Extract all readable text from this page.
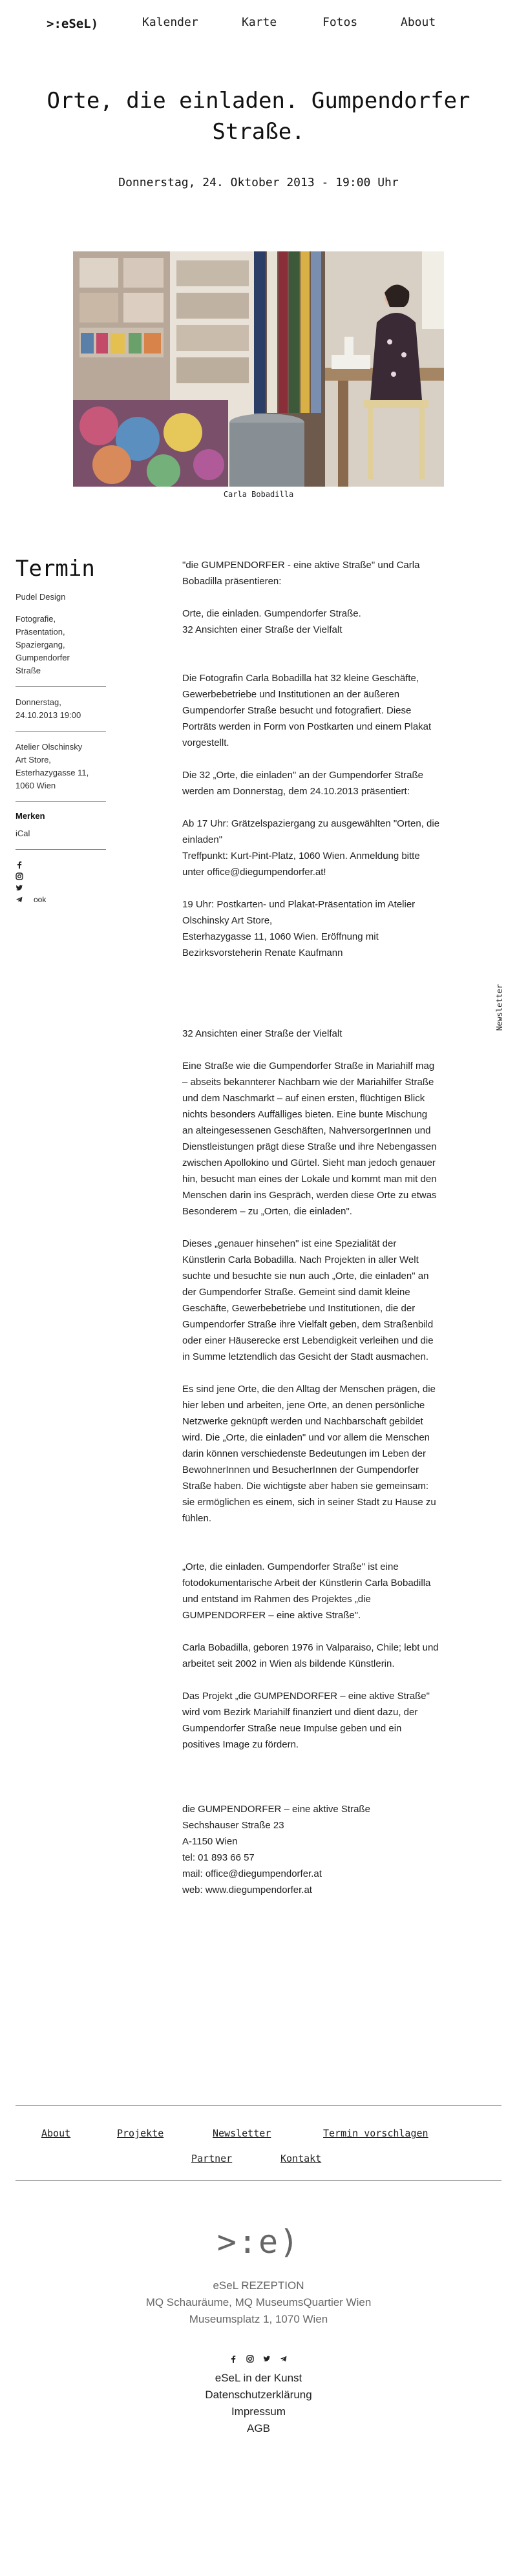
>:eSeL)	Kalender	Karte	Fotos	About
Orte, die einladen. Gumpendorfer Straße.
Donnerstag, 24. Oktober 2013 - 19:00 Uhr
Carla Bobadilla
Termin
Pudel Design
Fotografie,
Präsentation,
Spaziergang,
Gumpendorfer
Straße
Donnerstag,
24.10.2013 19:00
Atelier Olschinsky
Art Store,
Esterhazygasse 11,
1060 Wien
Merken
iCal
ook

"die GUMPENDORFER - eine aktive Straße" und Carla
Bobadilla präsentieren:

Orte, die einladen. Gumpendorfer Straße.
32 Ansichten einer Straße der Vielfalt

Die Fotografin Carla Bobadilla hat 32 kleine Geschäfte,
Gewerbebetriebe und Institutionen an der äußeren
Gumpendorfer Straße besucht und fotografiert. Diese
Porträts werden in Form von Postkarten und einem Plakat
vorgestellt.

Die 32 „Orte, die einladen" an der Gumpendorfer Straße
werden am Donnerstag, dem 24.10.2013 präsentiert:

Ab 17 Uhr: Grätzelspaziergang zu ausgewählten "Orten, die
einladen"
Treffpunkt: Kurt-Pint-Platz, 1060 Wien. Anmeldung bitte
unter office@diegumpendorfer.at!

19 Uhr: Postkarten- und Plakat-Präsentation im Atelier
Olschinsky Art Store,
Esterhazygasse 11, 1060 Wien. Eröffnung mit
Bezirksvorsteherin Renate Kaufmann

32 Ansichten einer Straße der Vielfalt

Eine Straße wie die Gumpendorfer Straße in Mariahilf mag
– abseits bekannterer Nachbarn wie der Mariahilfer Straße
und dem Naschmarkt – auf einen ersten, flüchtigen Blick
nichts besonders Auffälliges bieten. Eine bunte Mischung
an alteingesessenen Geschäften, NahversorgerInnen und
Dienstleistungen prägt diese Straße und ihre Nebengassen
zwischen Apollokino und Gürtel. Sieht man jedoch genauer
hin, besucht man eines der Lokale und kommt man mit den
Menschen darin ins Gespräch, werden diese Orte zu etwas
Besonderem – zu „Orten, die einladen".

Dieses „genauer hinsehen" ist eine Spezialität der
Künstlerin Carla Bobadilla. Nach Projekten in aller Welt
suchte und besuchte sie nun auch „Orte, die einladen" an
der Gumpendorfer Straße. Gemeint sind damit kleine
Geschäfte, Gewerbebetriebe und Institutionen, die der
Gumpendorfer Straße ihre Vielfalt geben, dem Straßenbild
oder einer Häuserecke erst Lebendigkeit verleihen und die
in Summe letztendlich das Gesicht der Stadt ausmachen.

Es sind jene Orte, die den Alltag der Menschen prägen, die
hier leben und arbeiten, jene Orte, an denen persönliche
Netzwerke geknüpft werden und Nachbarschaft gebildet
wird. Die „Orte, die einladen" und vor allem die Menschen
darin können verschiedenste Bedeutungen im Leben der
BewohnerInnen und BesucherInnen der Gumpendorfer
Straße haben. Die wichtigste aber haben sie gemeinsam:
sie ermöglichen es einem, sich in seiner Stadt zu Hause zu
fühlen.

„Orte, die einladen. Gumpendorfer Straße" ist eine
fotodokumentarische Arbeit der Künstlerin Carla Bobadilla
und entstand im Rahmen des Projektes „die
GUMPENDORFER – eine aktive Straße".

Carla Bobadilla, geboren 1976 in Valparaiso, Chile; lebt und
arbeitet seit 2002 in Wien als bildende Künstlerin.

Das Projekt „die GUMPENDORFER – eine aktive Straße"
wird vom Bezirk Mariahilf finanziert und dient dazu, der
Gumpendorfer Straße neue Impulse geben und ein
positives Image zu fördern.

die GUMPENDORFER – eine aktive Straße
Sechshauser Straße 23
A-1150 Wien
tel: 01 893 66 57
mail: office@diegumpendorfer.at
web: www.diegumpendorfer.at

Newsletter
About	Projekte	Newsletter	Termin vorschlagen
Partner	Kontakt
>:e)
eSeL REZEPTION
MQ Schauräume, MQ MuseumsQuartier Wien
Museumsplatz 1, 1070 Wien
eSeL in der Kunst
Datenschutzerklärung
Impressum
AGB
